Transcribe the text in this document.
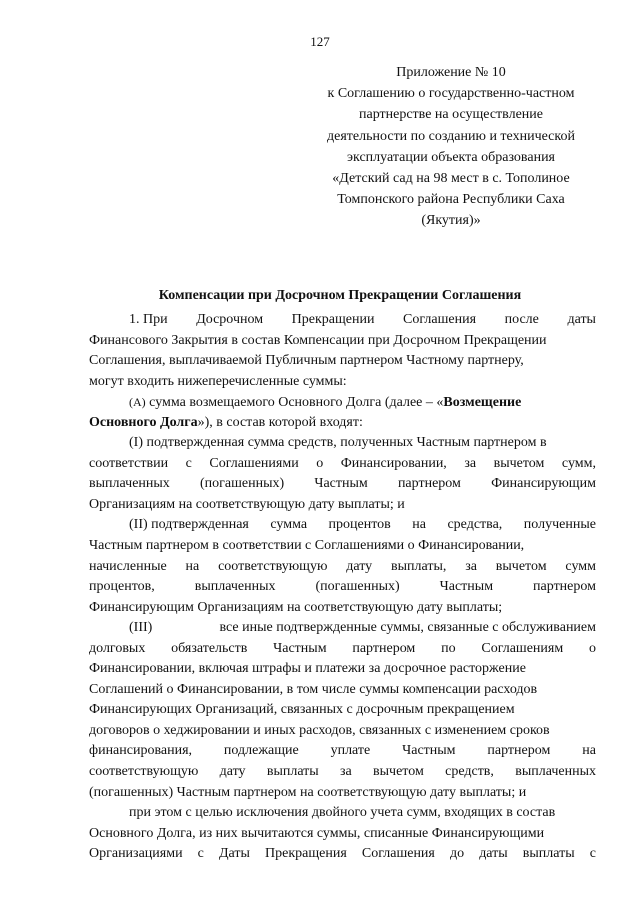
127
Приложение № 10
к Соглашению о государственно-частном
партнерстве на осуществление
деятельности по созданию и технической
эксплуатации объекта образования
«Детский сад на 98 мест в с. Тополиное
Томпонского района Республики Саха
(Якутия)»
Компенсации при Досрочном Прекращении Соглашения
1. При Досрочном Прекращении Соглашения после даты
Финансового Закрытия в состав Компенсации при Досрочном Прекращении
Соглашения, выплачиваемой Публичным партнером Частному партнеру,
могут входить нижеперечисленные суммы:
(А) сумма возмещаемого Основного Долга (далее – «Возмещение
Основного Долга»), в состав которой входят:
(I) подтвержденная сумма средств, полученных Частным партнером в
соответствии с Соглашениями о Финансировании, за вычетом сумм,
выплаченных (погашенных) Частным партнером Финансирующим
Организациям на соответствующую дату выплаты; и
(II) подтвержденная сумма процентов на средства, полученные
Частным партнером в соответствии с Соглашениями о Финансировании,
начисленные на соответствующую дату выплаты, за вычетом сумм
процентов,	выплаченных	(погашенных)	Частным	партнером
Финансирующим Организациям на соответствующую дату выплаты;
(III)	все иные подтвержденные суммы, связанные с обслуживанием
долговых обязательств Частным партнером по Соглашениям о
Финансировании, включая штрафы и платежи за досрочное расторжение
Соглашений о Финансировании, в том числе суммы компенсации расходов
Финансирующих Организаций, связанных с досрочным прекращением
договоров о хеджировании и иных расходов, связанных с изменением сроков
финансирования, подлежащие уплате Частным партнером на
соответствующую дату выплаты за вычетом средств, выплаченных
(погашенных) Частным партнером на соответствующую дату выплаты; и
при этом с целью исключения двойного учета сумм, входящих в состав
Основного Долга, из них вычитаются суммы, списанные Финансирующими
Организациями с Даты Прекращения Соглашения до даты выплаты с
